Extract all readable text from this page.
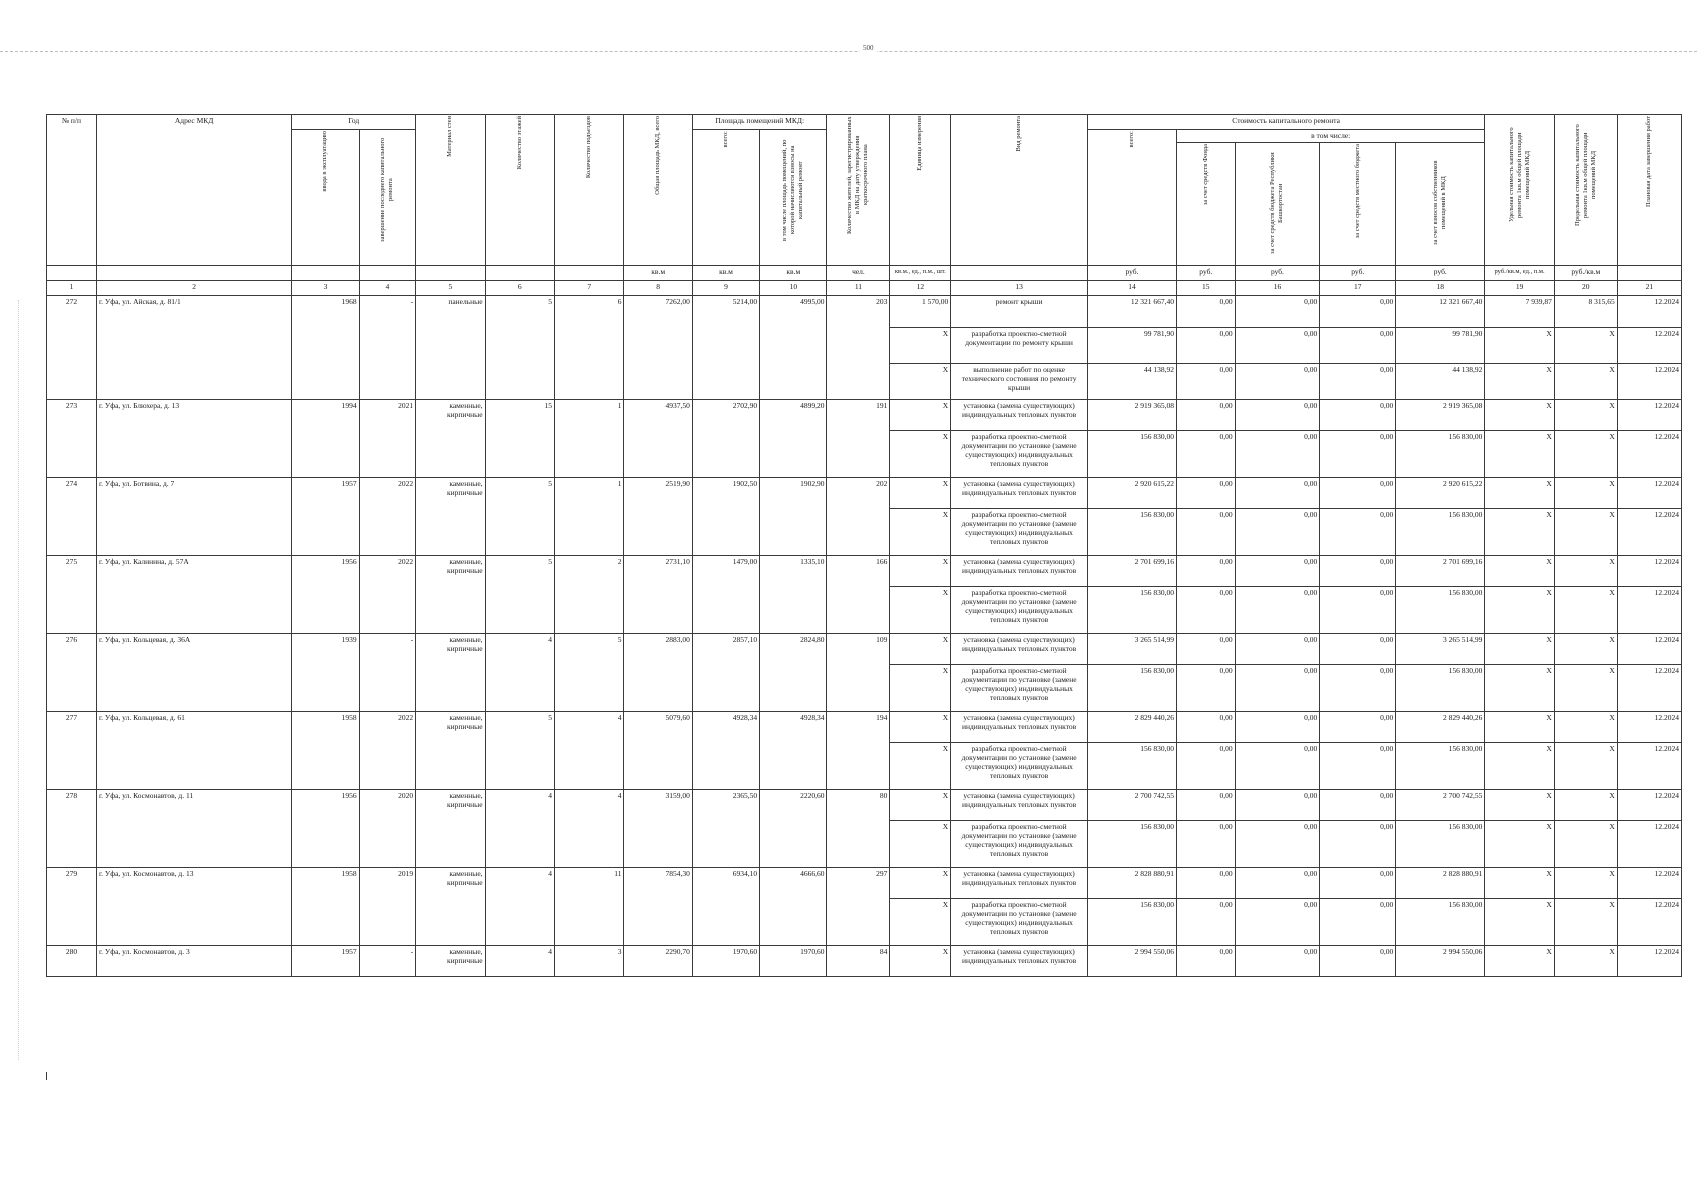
500
№ п/п	Адрес МКД	Год		Материал стен	Количество этажей	Количество подъездов	Общая площадь МКД, всего	Площадь помещений МКД:		Количество жителей, зарегистрированных в МКД на дату утверждения краткосрочного плана	Единица измерения	Вид ремонта	Стоимость капитального ремонта					Удельная стоимость капитального ремонта 1кв.м общей площади помещений МКД	Предельная стоимость капитального ремонта 1кв.м общей площади помещений МКД	Плановая дата завершения работ
		ввода в эксплуатацию	завершение последнего капитального ремонта					всего:	в том числе площадь помещений, по которой начисляются взносы на капитальный ремонт				всего:	в том числе:						
														за счет средств Фонда	за счет средств бюджета Республики Башкортостан	за счет средств местного бюджета	за счет взносов собственников помещений в МКД			
							кв.м	кв.м	кв.м	чел.	кв.м., ед., п.м., шт.		руб.	руб.	руб.	руб.	руб.	руб./кв.м, ед., п.м.	руб./кв.м	
1	2	3	4	5	6	7	8	9	10	11	12	13	14	15	16	17	18	19	20	21
272	г. Уфа, ул. Айская, д. 81/1	1968	-	панельные	5	6	7262,00	5214,00	4995,00	203	1 570,00	ремонт крыши	12 321 667,40	0,00	0,00	0,00	12 321 667,40	7 939,87	8 315,65	12.2024
											X	разработка проектно-сметной документации по ремонту крыши	99 781,90	0,00	0,00	0,00	99 781,90	X	X	12.2024
											X	выполнение работ по оценке технического состояния по ремонту крыши	44 138,92	0,00	0,00	0,00	44 138,92	X	X	12.2024
273	г. Уфа, ул. Блюхера, д. 13	1994	2021	каменные, кирпичные	15	1	4937,50	2702,90	4899,20	191	X	установка (замена существующих) индивидуальных тепловых пунктов	2 919 365,08	0,00	0,00	0,00	2 919 365,08	X	X	12.2024
											X	разработка проектно-сметной документации по установке (замене существующих) индивидуальных тепловых пунктов	156 830,00	0,00	0,00	0,00	156 830,00	X	X	12.2024
274	г. Уфа, ул. Ботвина, д. 7	1957	2022	каменные, кирпичные	5	1	2519,90	1902,50	1902,90	202	X	установка (замена существующих) индивидуальных тепловых пунктов	2 920 615,22	0,00	0,00	0,00	2 920 615,22	X	X	12.2024
											X	разработка проектно-сметной документации по установке (замене существующих) индивидуальных тепловых пунктов	156 830,00	0,00	0,00	0,00	156 830,00	X	X	12.2024
275	г. Уфа, ул. Калинина, д. 57А	1956	2022	каменные, кирпичные	5	2	2731,10	1479,00	1335,10	166	X	установка (замена существующих) индивидуальных тепловых пунктов	2 701 699,16	0,00	0,00	0,00	2 701 699,16	X	X	12.2024
											X	разработка проектно-сметной документации по установке (замене существующих) индивидуальных тепловых пунктов	156 830,00	0,00	0,00	0,00	156 830,00	X	X	12.2024
276	г. Уфа, ул. Кольцевая, д. 36А	1939	-	каменные, кирпичные	4	5	2883,00	2857,10	2824,80	109	X	установка (замена существующих) индивидуальных тепловых пунктов	3 265 514,99	0,00	0,00	0,00	3 265 514,99	X	X	12.2024
											X	разработка проектно-сметной документации по установке (замене существующих) индивидуальных тепловых пунктов	156 830,00	0,00	0,00	0,00	156 830,00	X	X	12.2024
277	г. Уфа, ул. Кольцевая, д. 61	1958	2022	каменные, кирпичные	5	4	5079,60	4928,34	4928,34	194	X	установка (замена существующих) индивидуальных тепловых пунктов	2 829 440,26	0,00	0,00	0,00	2 829 440,26	X	X	12.2024
											X	разработка проектно-сметной документации по установке (замене существующих) индивидуальных тепловых пунктов	156 830,00	0,00	0,00	0,00	156 830,00	X	X	12.2024
278	г. Уфа, ул. Космонавтов, д. 11	1956	2020	каменные, кирпичные	4	4	3159,00	2365,50	2220,60	80	X	установка (замена существующих) индивидуальных тепловых пунктов	2 700 742,55	0,00	0,00	0,00	2 700 742,55	X	X	12.2024
											X	разработка проектно-сметной документации по установке (замене существующих) индивидуальных тепловых пунктов	156 830,00	0,00	0,00	0,00	156 830,00	X	X	12.2024
279	г. Уфа, ул. Космонавтов, д. 13	1958	2019	каменные, кирпичные	4	11	7854,30	6934,10	4666,60	297	X	установка (замена существующих) индивидуальных тепловых пунктов	2 828 880,91	0,00	0,00	0,00	2 828 880,91	X	X	12.2024
											X	разработка проектно-сметной документации по установке (замене существующих) индивидуальных тепловых пунктов	156 830,00	0,00	0,00	0,00	156 830,00	X	X	12.2024
280	г. Уфа, ул. Космонавтов, д. 3	1957	-	каменные, кирпичные	4	3	2290,70	1970,60	1970,60	84	X	установка (замена существующих) индивидуальных тепловых пунктов	2 994 550,06	0,00	0,00	0,00	2 994 550,06	X	X	12.2024
